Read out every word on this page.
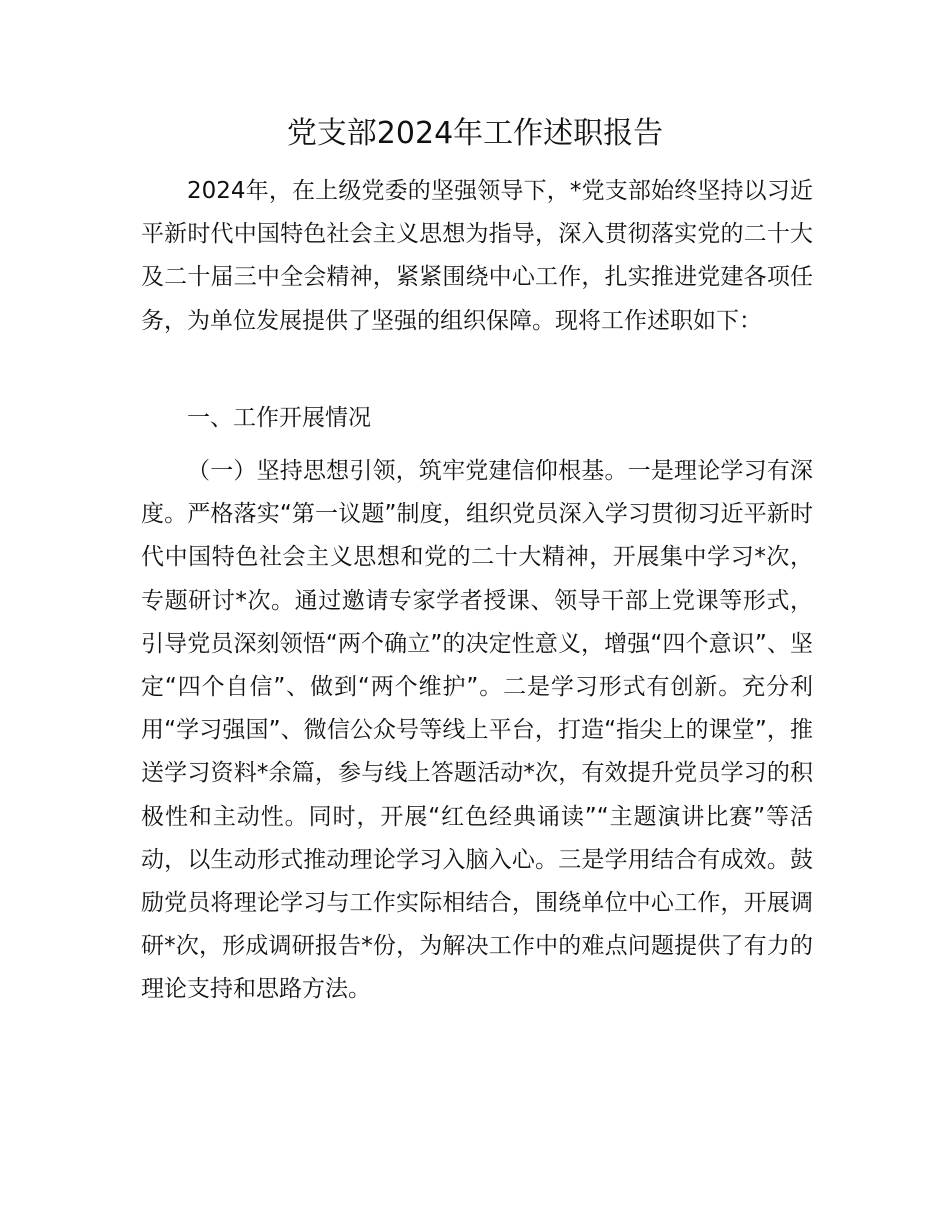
党支部2024年工作述职报告

2024年，在上级党委的坚强领导下，*党支部始终坚持以习近平新时代中国特色社会主义思想为指导，深入贯彻落实党的二十大及二十届三中全会精神，紧紧围绕中心工作，扎实推进党建各项任务，为单位发展提供了坚强的组织保障。现将工作述职如下：

一、工作开展情况

（一）坚持思想引领，筑牢党建信仰根基。一是理论学习有深度。严格落实“第一议题”制度，组织党员深入学习贯彻习近平新时代中国特色社会主义思想和党的二十大精神，开展集中学习*次，专题研讨*次。通过邀请专家学者授课、领导干部上党课等形式，引导党员深刻领悟“两个确立”的决定性意义，增强“四个意识”、坚定“四个自信”、做到“两个维护”。二是学习形式有创新。充分利用“学习强国”、微信公众号等线上平台，打造“指尖上的课堂”，推送学习资料*余篇，参与线上答题活动*次，有效提升党员学习的积极性和主动性。同时，开展“红色经典诵读”“主题演讲比赛”等活动，以生动形式推动理论学习入脑入心。三是学用结合有成效。鼓励党员将理论学习与工作实际相结合，围绕单位中心工作，开展调研*次，形成调研报告*份，为解决工作中的难点问题提供了有力的理论支持和思路方法。
